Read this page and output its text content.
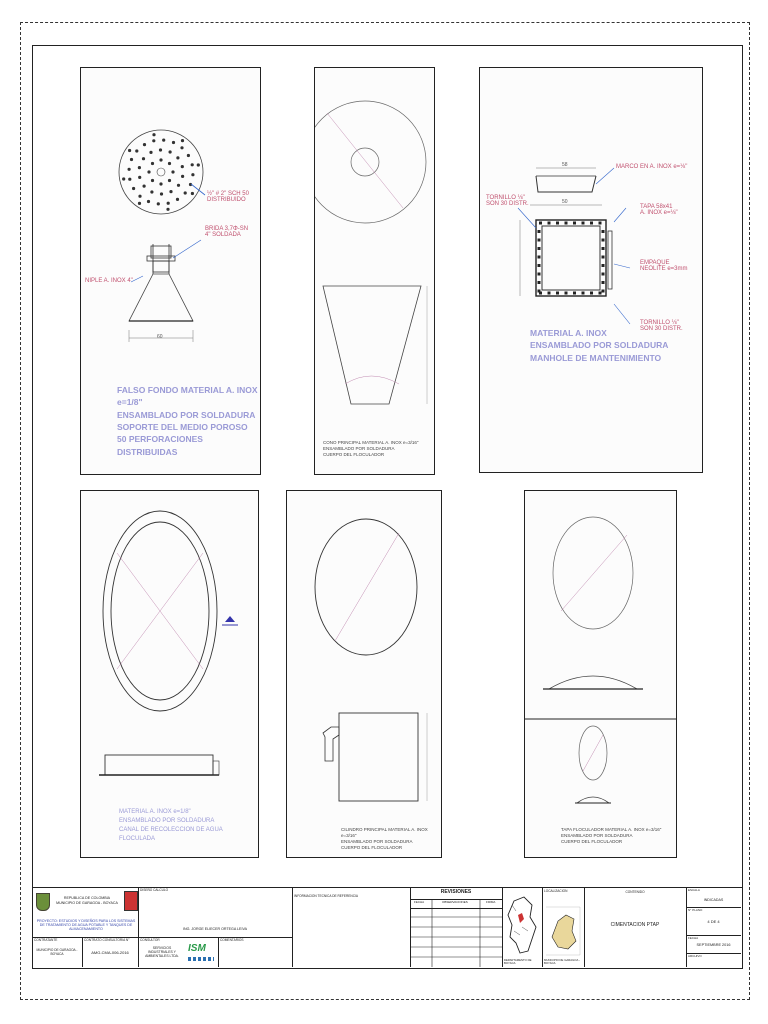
½" # 2" SCH 50
DISTRIBUIDO
BRIDA 3,7Φ-SN
4" SOLDADA
NIPLE A. INOX 4"
60
FALSO FONDO MATERIAL A. INOX e=1/8"
ENSAMBLADO POR SOLDADURA
SOPORTE DEL MEDIO POROSO
50 PERFORACIONES DISTRIBUIDAS
CONO PRINCIPAL MATERIAL A. INOX e=3/16"
ENSAMBLADO POR SOLDADURA
CUERPO DEL FLOCULADOR
58
50
MARCO EN A. INOX e=⅛"
TORNILLO ⅛"
SON 30 DISTR.	TAPA 58x41
A. INOX e=⅛"
EMPAQUE
NEOLITE e=3mm
TORNILLO ⅛"
SON 30 DISTR.
MATERIAL A. INOX
ENSAMBLADO POR SOLDADURA
MANHOLE DE MANTENIMIENTO
MATERIAL A. INOX e=1/8"
ENSAMBLADO POR SOLDADURA
CANAL DE RECOLECCION DE AGUA FLOCULADA
CILINDRO PRINCIPAL MATERIAL A. INOX e=3/16"
ENSAMBLADO POR SOLDADURA
CUERPO DEL FLOCULADOR
TAPA FLOCULADOR MATERIAL A. INOX e=3/16"
ENSAMBLADO POR SOLDADURA
CUERPO DEL FLOCULADOR
REPUBLICA DE COLOMBIA
MUNICIPIO DE GARAGOA - BOYACA
PROYECTO: ESTUDIOS Y DISEÑOS PARA LOS SISTEMAS DE TRATAMIENTO DE AGUA POTABLE Y TANQUES DE ALMACENAMIENTO
CONTRATANTE
MUNICIPIO DE GARAGOA - BOYACA
CONTRATO CONSULTORIA N°
AMG-CMA-006-2016
DISEÑO CALCULO
ING. JORGE ELIECER ORTEGA LEIVA
CONSULTOR
SERVICIOS INDUSTRIALES Y AMBIENTALES LTDA.
ISM
COMENTARIOS
INFORMACION TECNICA DE REFERENCIA
REVISIONES
FECHA	OBSERVACIONES	FIRMA
DEPARTAMENTO DE BOYACA
LOCALIZACION
MUNICIPIO DE GARAGOA - BOYACA
CONTENIDO
CIMENTACION PTAP
ESCALA
INDICADAS
N° PLANO
4 DE 4
FECHA
SEPTIEMBRE 2016
ARCHIVO
